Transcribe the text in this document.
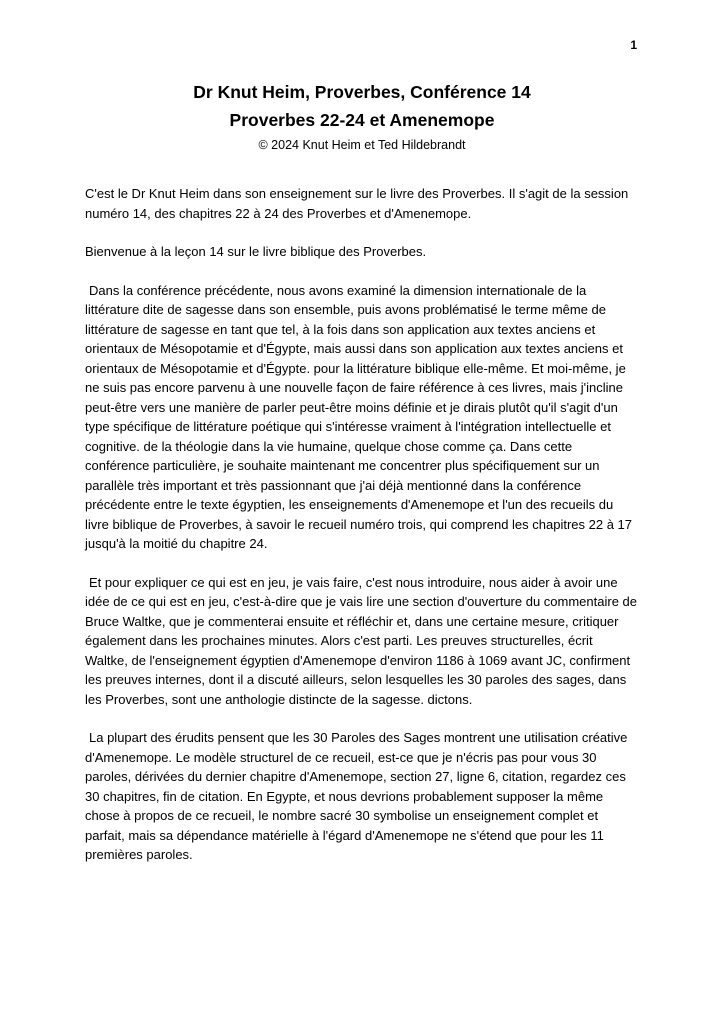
1
Dr Knut Heim, Proverbes, Conférence 14
Proverbes 22-24 et Amenemope
© 2024 Knut Heim et Ted Hildebrandt

C'est le Dr Knut Heim dans son enseignement sur le livre des Proverbes. Il s'agit de la session numéro 14, des chapitres 22 à 24 des Proverbes et d'Amenemope.

Bienvenue à la leçon 14 sur le livre biblique des Proverbes.

Dans la conférence précédente, nous avons examiné la dimension internationale de la littérature dite de sagesse dans son ensemble, puis avons problématisé le terme même de littérature de sagesse en tant que tel, à la fois dans son application aux textes anciens et orientaux de Mésopotamie et d'Égypte, mais aussi dans son application aux textes anciens et orientaux de Mésopotamie et d'Égypte. pour la littérature biblique elle-même. Et moi-même, je ne suis pas encore parvenu à une nouvelle façon de faire référence à ces livres, mais j'incline peut-être vers une manière de parler peut-être moins définie et je dirais plutôt qu'il s'agit d'un type spécifique de littérature poétique qui s'intéresse vraiment à l'intégration intellectuelle et cognitive. de la théologie dans la vie humaine, quelque chose comme ça. Dans cette conférence particulière, je souhaite maintenant me concentrer plus spécifiquement sur un parallèle très important et très passionnant que j'ai déjà mentionné dans la conférence précédente entre le texte égyptien, les enseignements d'Amenemope et l'un des recueils du livre biblique de Proverbes, à savoir le recueil numéro trois, qui comprend les chapitres 22 à 17 jusqu'à la moitié du chapitre 24.

Et pour expliquer ce qui est en jeu, je vais faire, c'est nous introduire, nous aider à avoir une idée de ce qui est en jeu, c'est-à-dire que je vais lire une section d'ouverture du commentaire de Bruce Waltke, que je commenterai ensuite et réfléchir et, dans une certaine mesure, critiquer également dans les prochaines minutes. Alors c'est parti. Les preuves structurelles, écrit Waltke, de l'enseignement égyptien d'Amenemope d'environ 1186 à 1069 avant JC, confirment les preuves internes, dont il a discuté ailleurs, selon lesquelles les 30 paroles des sages, dans les Proverbes, sont une anthologie distincte de la sagesse. dictons.

La plupart des érudits pensent que les 30 Paroles des Sages montrent une utilisation créative d'Amenemope. Le modèle structurel de ce recueil, est-ce que je n'écris pas pour vous 30 paroles, dérivées du dernier chapitre d'Amenemope, section 27, ligne 6, citation, regardez ces 30 chapitres, fin de citation. En Egypte, et nous devrions probablement supposer la même chose à propos de ce recueil, le nombre sacré 30 symbolise un enseignement complet et parfait, mais sa dépendance matérielle à l'égard d'Amenemope ne s'étend que pour les 11 premières paroles.
